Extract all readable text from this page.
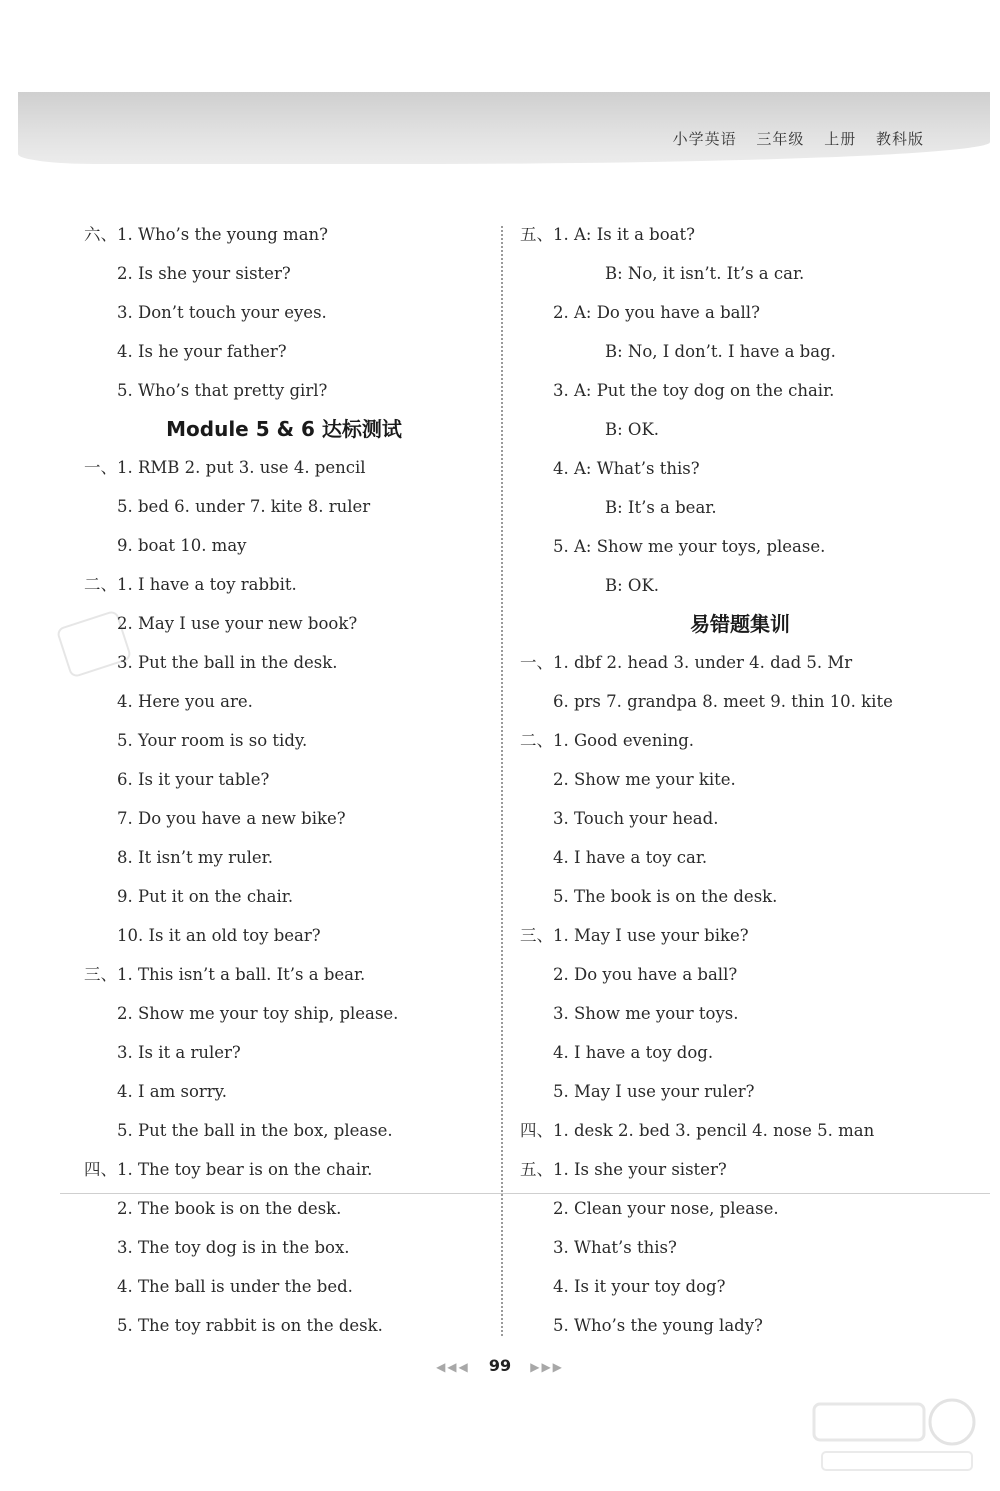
小学英语 三年级 上册 教科版
六、1. Who’s the young man?
2. Is she your sister?
3. Don’t touch your eyes.
4. Is he your father?
5. Who’s that pretty girl?
Module 5 & 6 达标测试
一、1. RMB 2. put 3. use 4. pencil
5. bed 6. under 7. kite 8. ruler
9. boat 10. may
二、1. I have a toy rabbit.
2. May I use your new book?
3. Put the ball in the desk.
4. Here you are.
5. Your room is so tidy.
6. Is it your table?
7. Do you have a new bike?
8. It isn’t my ruler.
9. Put it on the chair.
10. Is it an old toy bear?
三、1. This isn’t a ball. It’s a bear.
2. Show me your toy ship, please.
3. Is it a ruler?
4. I am sorry.
5. Put the ball in the box, please.
四、1. The toy bear is on the chair.
2. The book is on the desk.
3. The toy dog is in the box.
4. The ball is under the bed.
5. The toy rabbit is on the desk.
五、1. A: Is it a boat?
B: No, it isn’t. It’s a car.
2. A: Do you have a ball?
B: No, I don’t. I have a bag.
3. A: Put the toy dog on the chair.
B: OK.
4. A: What’s this?
B: It’s a bear.
5. A: Show me your toys, please.
B: OK.
易错题集训
一、1. dbf 2. head 3. under 4. dad 5. Mr
6. prs 7. grandpa 8. meet 9. thin 10. kite
二、1. Good evening.
2. Show me your kite.
3. Touch your head.
4. I have a toy car.
5. The book is on the desk.
三、1. May I use your bike?
2. Do you have a ball?
3. Show me your toys.
4. I have a toy dog.
5. May I use your ruler?
四、1. desk 2. bed 3. pencil 4. nose 5. man
五、1. Is she your sister?
2. Clean your nose, please.
3. What’s this?
4. Is it your toy dog?
5. Who’s the young lady?
◀◀◀ 99 ▶▶▶
